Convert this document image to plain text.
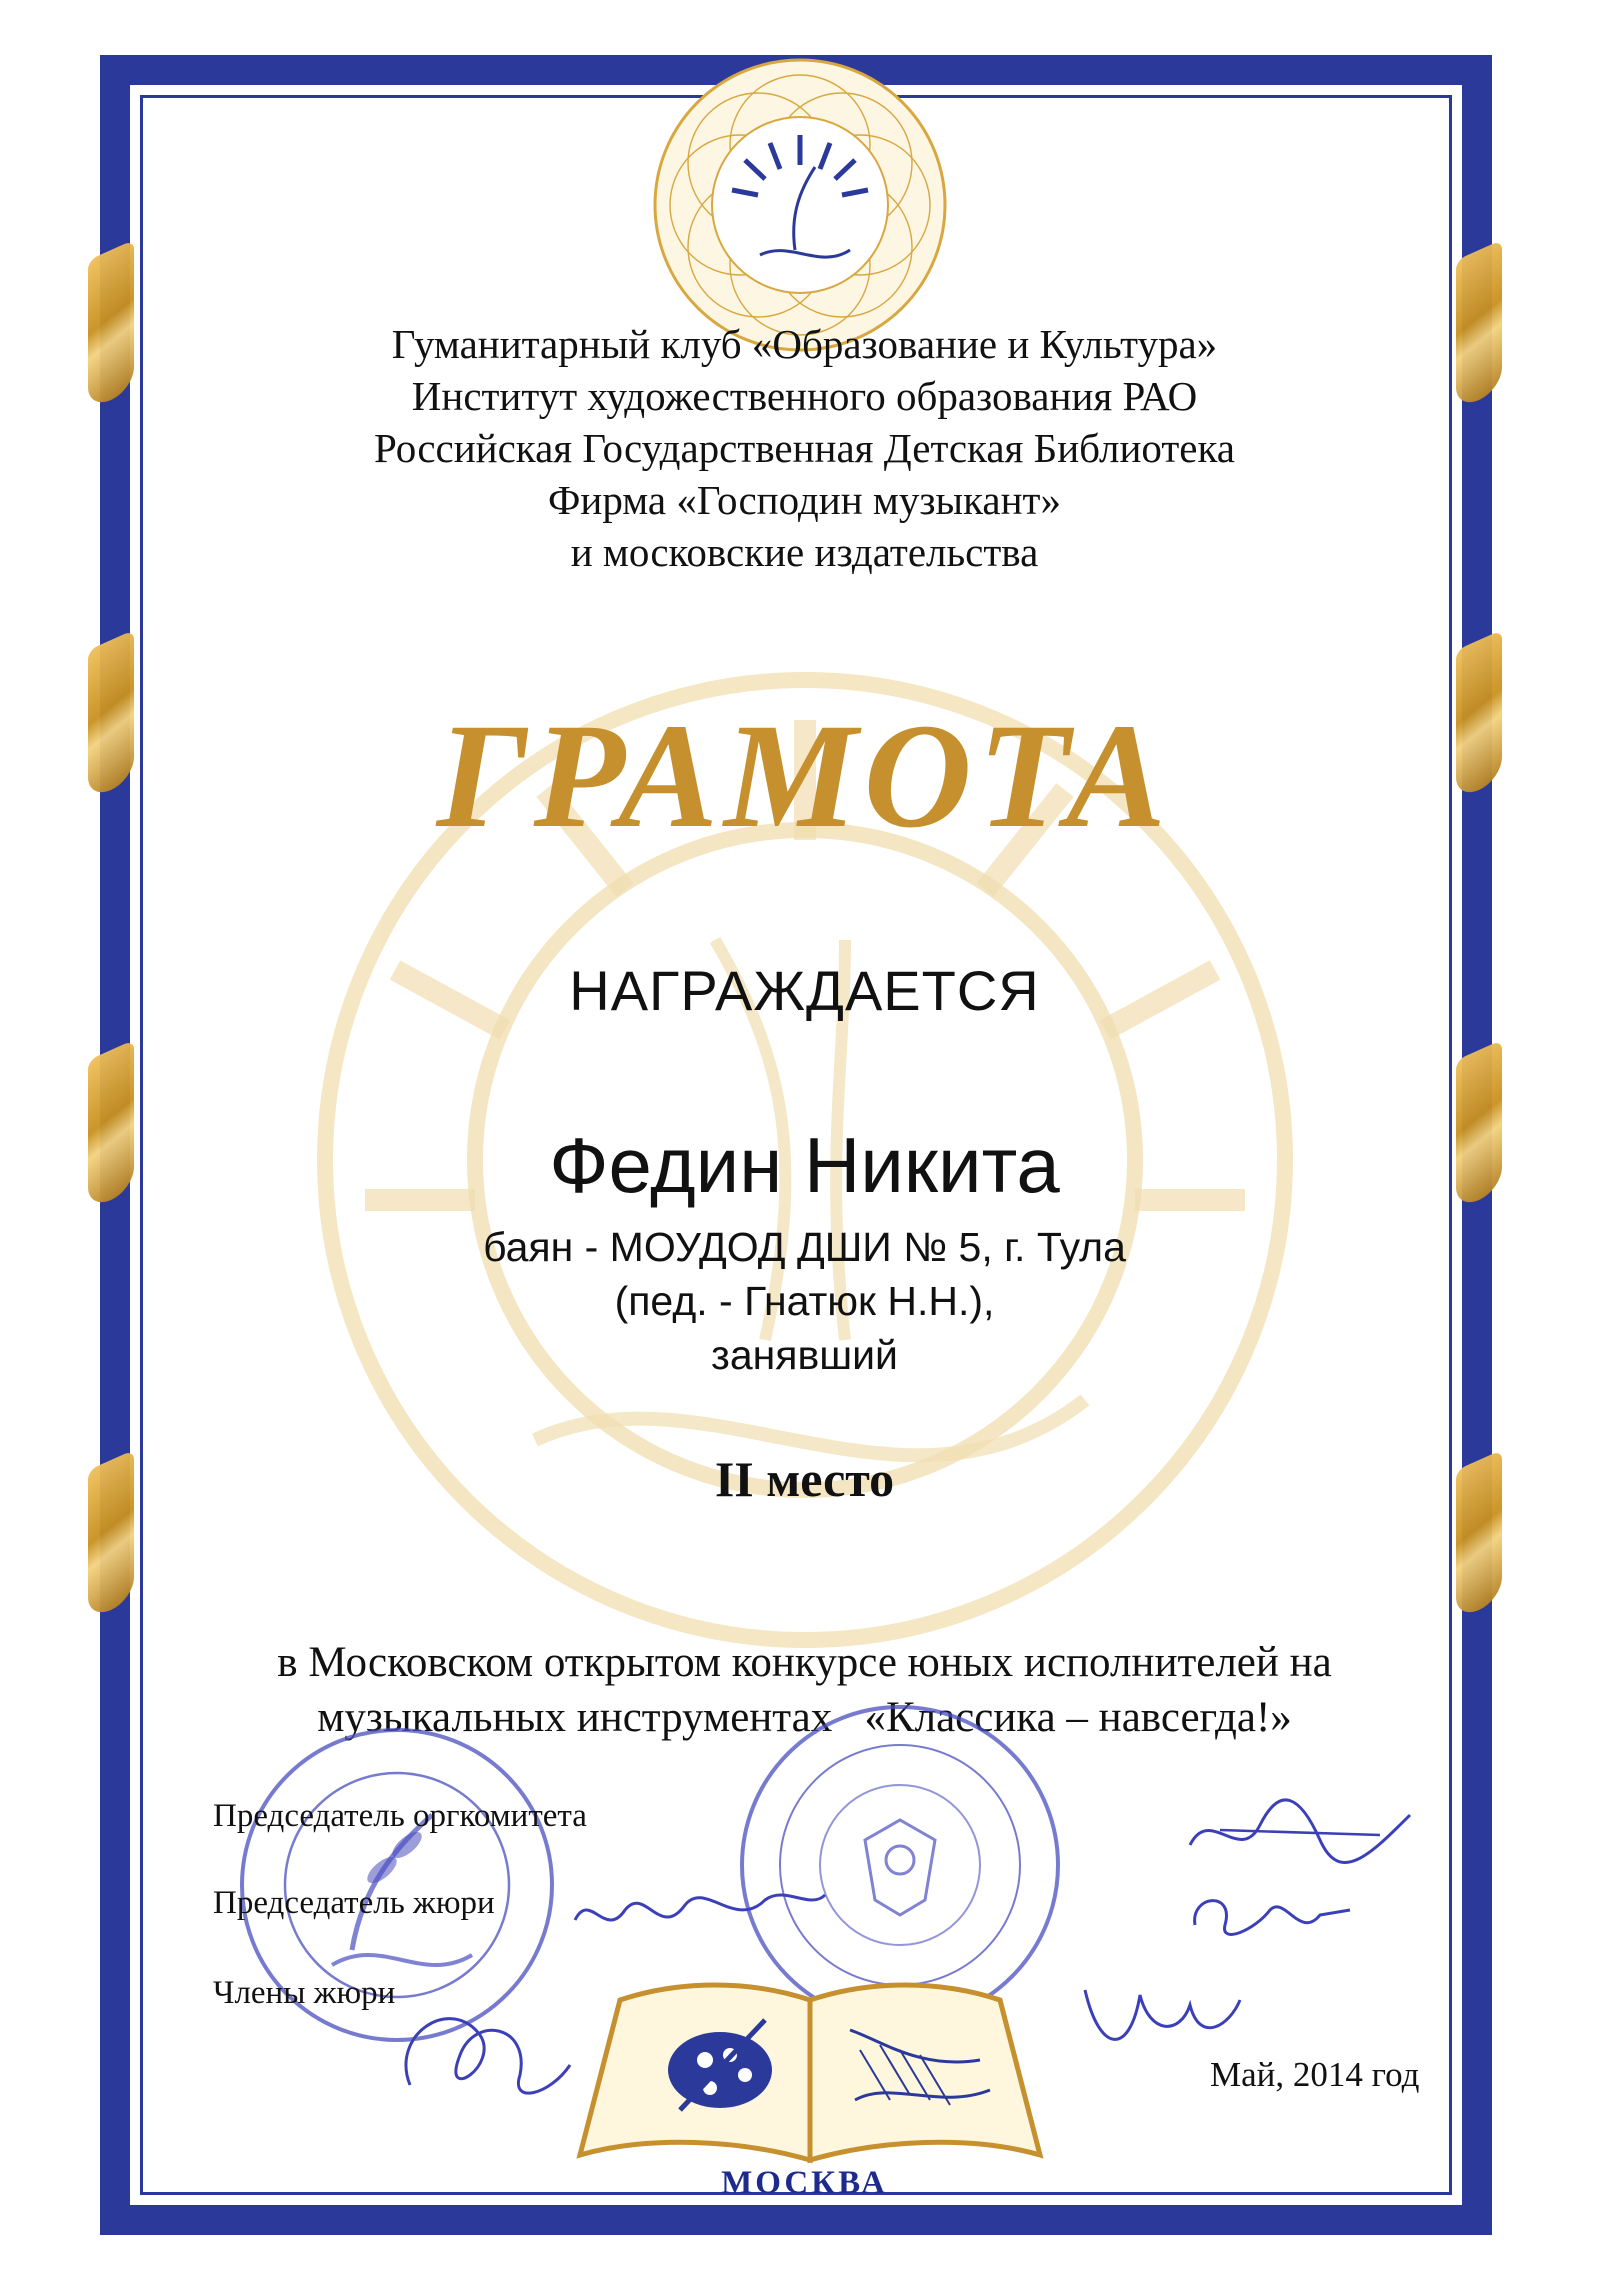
Гуманитарный клуб «Образование и Культура»
Институт художественного образования РАО
Российская Государственная Детская Библиотека
Фирма «Господин музыкант»
и московские издательства
ГРАМОТА
НАГРАЖДАЕТСЯ
Федин Никита
баян - МОУДОД ДШИ № 5, г. Тула
(пед. - Гнатюк Н.Н.),
занявший
II место
в Московском открытом конкурсе юных исполнителей на
музыкальных инструментах   «Классика – навсегда!»
Председатель оргкомитета
Председатель жюри
Члены жюри
Май, 2014 год
МОСКВА
